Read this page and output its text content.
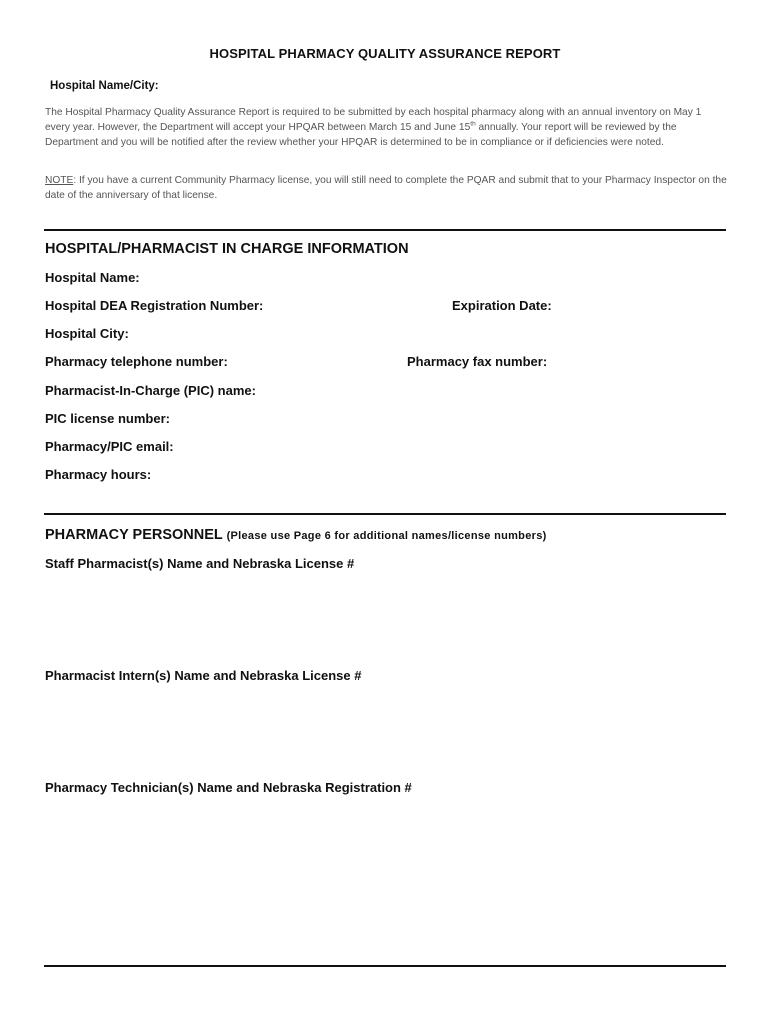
HOSPITAL PHARMACY QUALITY ASSURANCE REPORT
Hospital Name/City:
The Hospital Pharmacy Quality Assurance Report is required to be submitted by each hospital pharmacy along with an annual inventory on May 1 every year. However, the Department will accept your HPQAR between March 15 and June 15th annually. Your report will be reviewed by the Department and you will be notified after the review whether your HPQAR is determined to be in compliance or if deficiencies were noted.
NOTE: If you have a current Community Pharmacy license, you will still need to complete the PQAR and submit that to your Pharmacy Inspector on the date of the anniversary of that license.
HOSPITAL/PHARMACIST IN CHARGE INFORMATION
Hospital Name:
Hospital DEA Registration Number:	Expiration Date:
Hospital City:
Pharmacy telephone number:	Pharmacy fax number:
Pharmacist-In-Charge (PIC) name:
PIC license number:
Pharmacy/PIC email:
Pharmacy hours:
PHARMACY PERSONNEL (Please use Page 6 for additional names/license numbers)
Staff Pharmacist(s) Name and Nebraska License #
Pharmacist Intern(s) Name and Nebraska License #
Pharmacy Technician(s) Name and Nebraska Registration #
